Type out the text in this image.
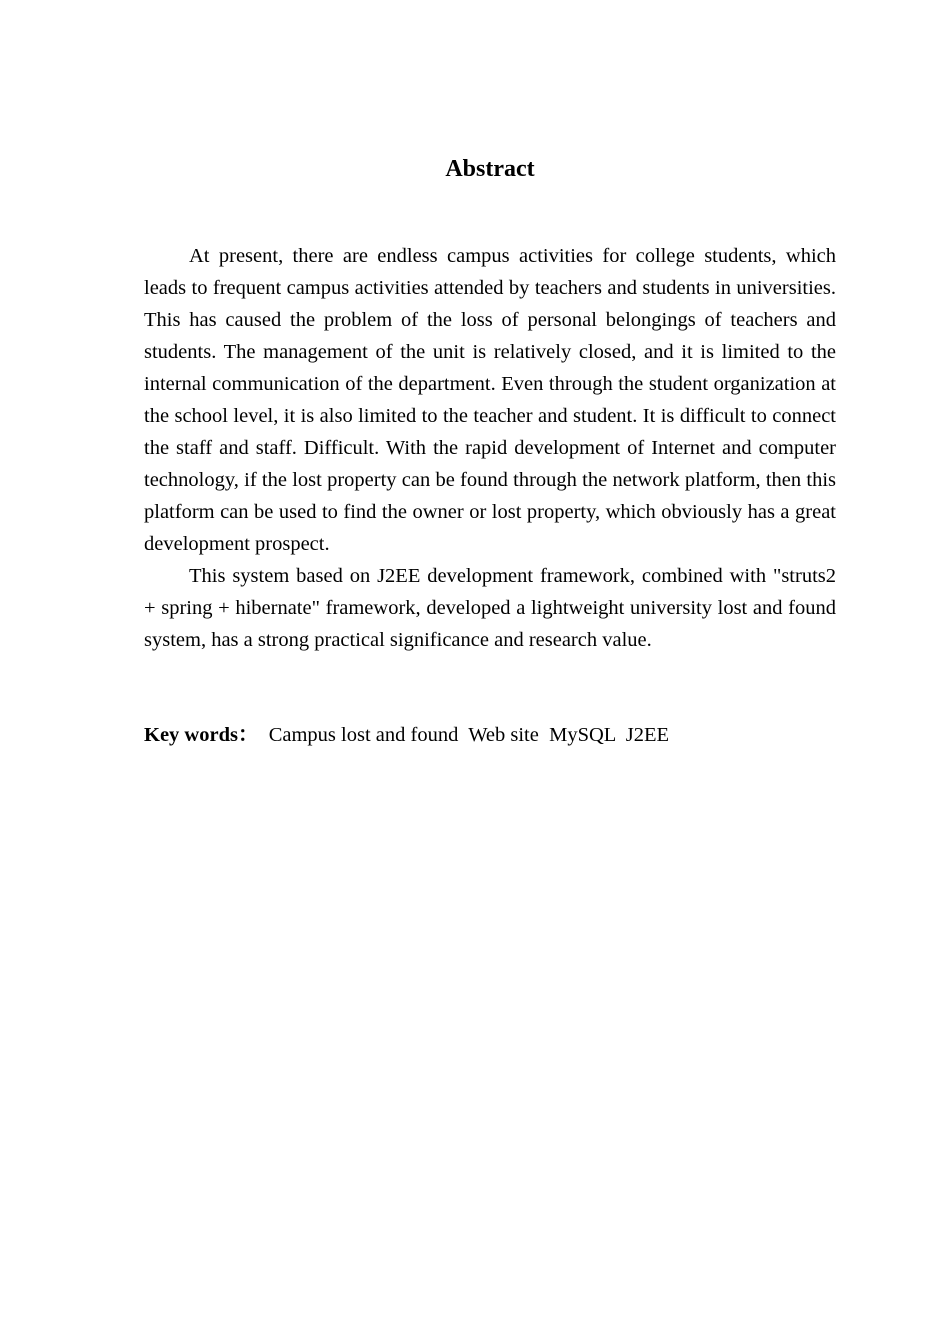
Abstract

At present, there are endless campus activities for college students, which leads to frequent campus activities attended by teachers and students in universities. This has caused the problem of the loss of personal belongings of teachers and students. The management of the unit is relatively closed, and it is limited to the internal communication of the department. Even through the student organization at the school level, it is also limited to the teacher and student. It is difficult to connect the staff and staff. Difficult. With the rapid development of Internet and computer technology, if the lost property can be found through the network platform, then this platform can be used to find the owner or lost property, which obviously has a great development prospect.

This system based on J2EE development framework, combined with "struts2 + spring + hibernate" framework, developed a lightweight university lost and found system, has a strong practical significance and research value.

Key words： Campus lost and found  Web site  MySQL  J2EE
